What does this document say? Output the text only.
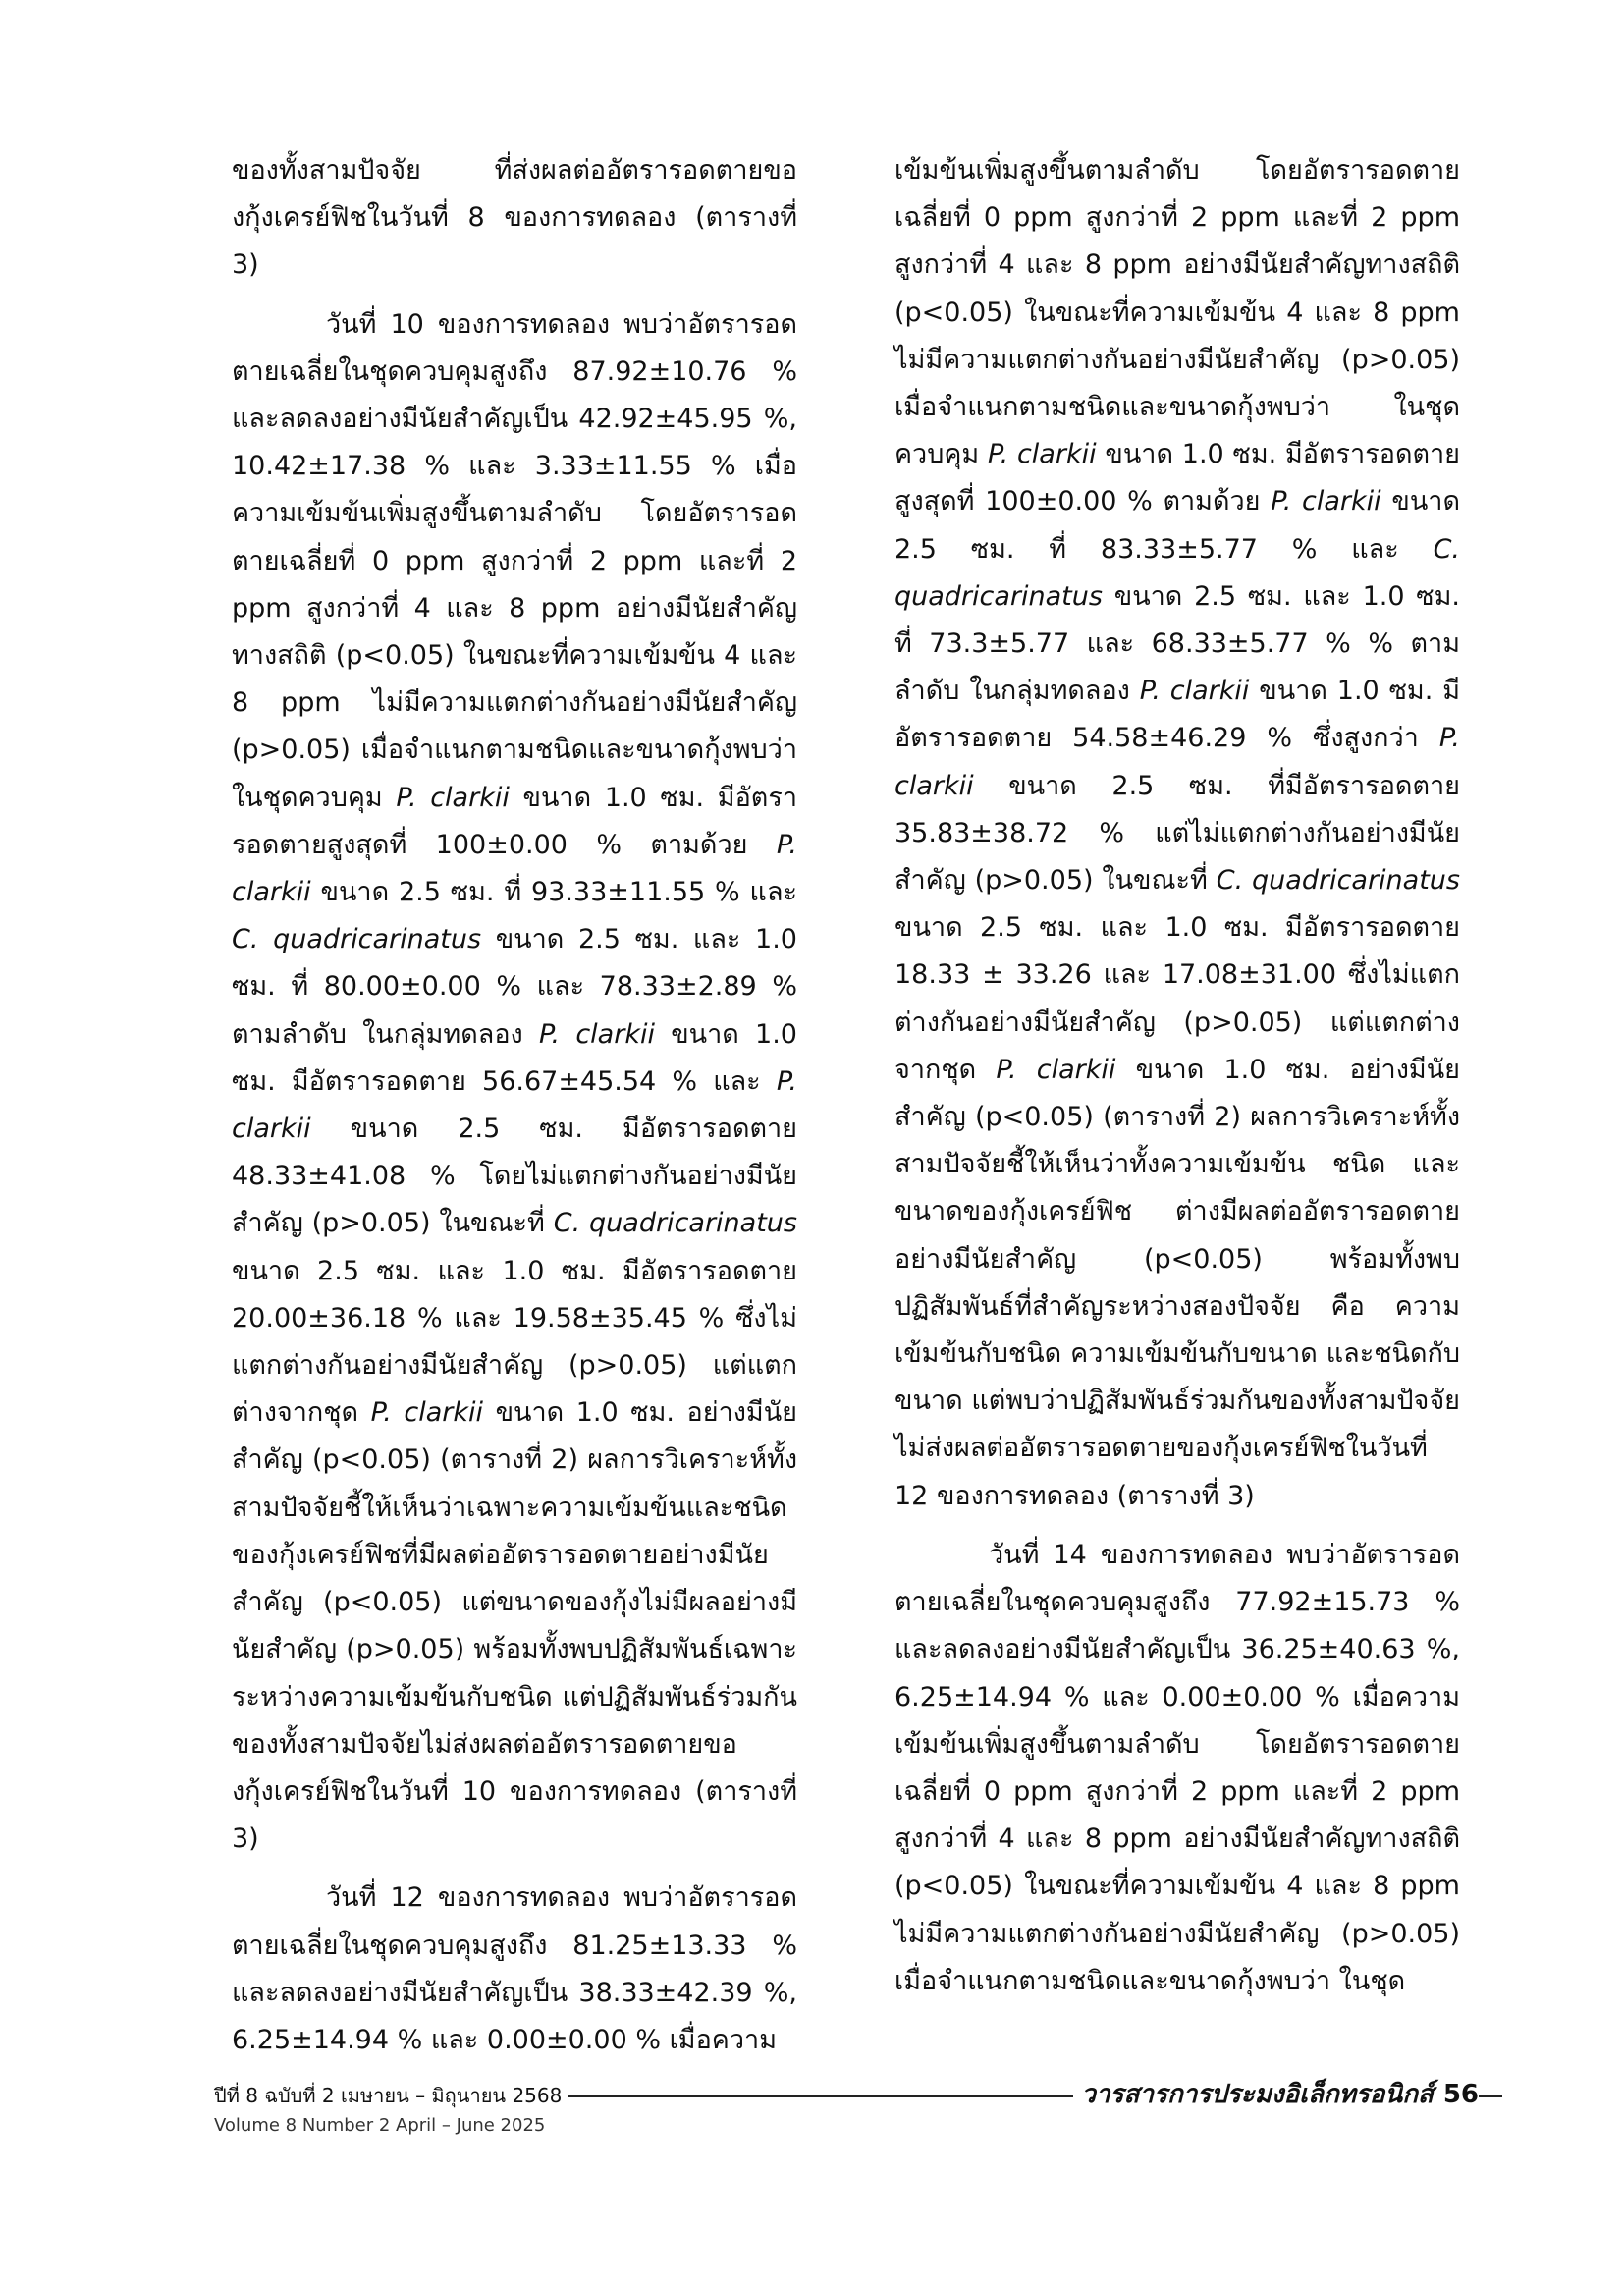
ของทั้งสามปัจจัย ที่ส่งผลต่ออัตรารอดตายของกุ้งเครย์ฟิชในวันที่ 8 ของการทดลอง (ตารางที่ 3)

วันที่ 10 ของการทดลอง พบว่าอัตรารอดตายเฉลี่ยในชุดควบคุมสูงถึง 87.92±10.76 % และลดลงอย่างมีนัยสำคัญเป็น 42.92±45.95 %, 10.42±17.38 % และ 3.33±11.55 % เมื่อความเข้มข้นเพิ่มสูงขึ้นตามลำดับ โดยอัตรารอดตายเฉลี่ยที่ 0 ppm สูงกว่าที่ 2 ppm และที่ 2 ppm สูงกว่าที่ 4 และ 8 ppm อย่างมีนัยสำคัญทางสถิติ (p<0.05) ในขณะที่ความเข้มข้น 4 และ 8 ppm ไม่มีความแตกต่างกันอย่างมีนัยสำคัญ (p>0.05) เมื่อจำแนกตามชนิดและขนาดกุ้งพบว่า ในชุดควบคุม P. clarkii ขนาด 1.0 ซม. มีอัตรารอดตายสูงสุดที่ 100±0.00 % ตามด้วย P. clarkii ขนาด 2.5 ซม. ที่ 93.33±11.55 % และ C. quadricarinatus ขนาด 2.5 ซม. และ 1.0 ซม. ที่ 80.00±0.00 % และ 78.33±2.89 % ตามลำดับ ในกลุ่มทดลอง P. clarkii ขนาด 1.0 ซม. มีอัตรารอดตาย 56.67±45.54 % และ P. clarkii ขนาด 2.5 ซม. มีอัตรารอดตาย 48.33±41.08 % โดยไม่แตกต่างกันอย่างมีนัยสำคัญ (p>0.05) ในขณะที่ C. quadricarinatus ขนาด 2.5 ซม. และ 1.0 ซม. มีอัตรารอดตาย 20.00±36.18 % และ 19.58±35.45 % ซึ่งไม่แตกต่างกันอย่างมีนัยสำคัญ (p>0.05) แต่แตกต่างจากชุด P. clarkii ขนาด 1.0 ซม. อย่างมีนัยสำคัญ (p<0.05) (ตารางที่ 2) ผลการวิเคราะห์ทั้งสามปัจจัยชี้ให้เห็นว่าเฉพาะความเข้มข้นและชนิดของกุ้งเครย์ฟิชที่มีผลต่ออัตรารอดตายอย่างมีนัยสำคัญ (p<0.05) แต่ขนาดของกุ้งไม่มีผลอย่างมีนัยสำคัญ (p>0.05) พร้อมทั้งพบปฏิสัมพันธ์เฉพาะระหว่างความเข้มข้นกับชนิด แต่ปฏิสัมพันธ์ร่วมกันของทั้งสามปัจจัยไม่ส่งผลต่ออัตรารอดตายของกุ้งเครย์ฟิชในวันที่ 10 ของการทดลอง (ตารางที่ 3)

วันที่ 12 ของการทดลอง พบว่าอัตรารอดตายเฉลี่ยในชุดควบคุมสูงถึง 81.25±13.33 % และลดลงอย่างมีนัยสำคัญเป็น 38.33±42.39 %, 6.25±14.94 % และ 0.00±0.00 % เมื่อความ

เข้มข้นเพิ่มสูงขึ้นตามลำดับ โดยอัตรารอดตายเฉลี่ยที่ 0 ppm สูงกว่าที่ 2 ppm และที่ 2 ppm สูงกว่าที่ 4 และ 8 ppm อย่างมีนัยสำคัญทางสถิติ (p<0.05) ในขณะที่ความเข้มข้น 4 และ 8 ppm ไม่มีความแตกต่างกันอย่างมีนัยสำคัญ (p>0.05) เมื่อจำแนกตามชนิดและขนาดกุ้งพบว่า ในชุดควบคุม P. clarkii ขนาด 1.0 ซม. มีอัตรารอดตายสูงสุดที่ 100±0.00 % ตามด้วย P. clarkii ขนาด 2.5 ซม. ที่ 83.33±5.77 % และ C. quadricarinatus ขนาด 2.5 ซม. และ 1.0 ซม. ที่ 73.3±5.77 และ 68.33±5.77 % % ตามลำดับ ในกลุ่มทดลอง P. clarkii ขนาด 1.0 ซม. มีอัตรารอดตาย 54.58±46.29 % ซึ่งสูงกว่า P. clarkii ขนาด 2.5 ซม. ที่มีอัตรารอดตาย 35.83±38.72 % แต่ไม่แตกต่างกันอย่างมีนัยสำคัญ (p>0.05) ในขณะที่ C. quadricarinatus ขนาด 2.5 ซม. และ 1.0 ซม. มีอัตรารอดตาย 18.33 ± 33.26 และ 17.08±31.00 ซึ่งไม่แตกต่างกันอย่างมีนัยสำคัญ (p>0.05) แต่แตกต่างจากชุด P. clarkii ขนาด 1.0 ซม. อย่างมีนัยสำคัญ (p<0.05) (ตารางที่ 2) ผลการวิเคราะห์ทั้งสามปัจจัยชี้ให้เห็นว่าทั้งความเข้มข้น ชนิด และขนาดของกุ้งเครย์ฟิช ต่างมีผลต่ออัตรารอดตายอย่างมีนัยสำคัญ (p<0.05) พร้อมทั้งพบปฏิสัมพันธ์ที่สำคัญระหว่างสองปัจจัย คือ ความเข้มข้นกับชนิด ความเข้มข้นกับขนาด และชนิดกับขนาด แต่พบว่าปฏิสัมพันธ์ร่วมกันของทั้งสามปัจจัย ไม่ส่งผลต่ออัตรารอดตายของกุ้งเครย์ฟิชในวันที่ 12 ของการทดลอง (ตารางที่ 3)

วันที่ 14 ของการทดลอง พบว่าอัตรารอดตายเฉลี่ยในชุดควบคุมสูงถึง 77.92±15.73 % และลดลงอย่างมีนัยสำคัญเป็น 36.25±40.63 %, 6.25±14.94 % และ 0.00±0.00 % เมื่อความเข้มข้นเพิ่มสูงขึ้นตามลำดับ โดยอัตรารอดตายเฉลี่ยที่ 0 ppm สูงกว่าที่ 2 ppm และที่ 2 ppm สูงกว่าที่ 4 และ 8 ppm อย่างมีนัยสำคัญทางสถิติ (p<0.05) ในขณะที่ความเข้มข้น 4 และ 8 ppm ไม่มีความแตกต่างกันอย่างมีนัยสำคัญ (p>0.05) เมื่อจำแนกตามชนิดและขนาดกุ้งพบว่า ในชุด

ปีที่ 8 ฉบับที่ 2 เมษายน – มิถุนายน 2568
Volume 8 Number 2 April – June 2025
วารสารการประมงอิเล็กทรอนิกส์ 56
